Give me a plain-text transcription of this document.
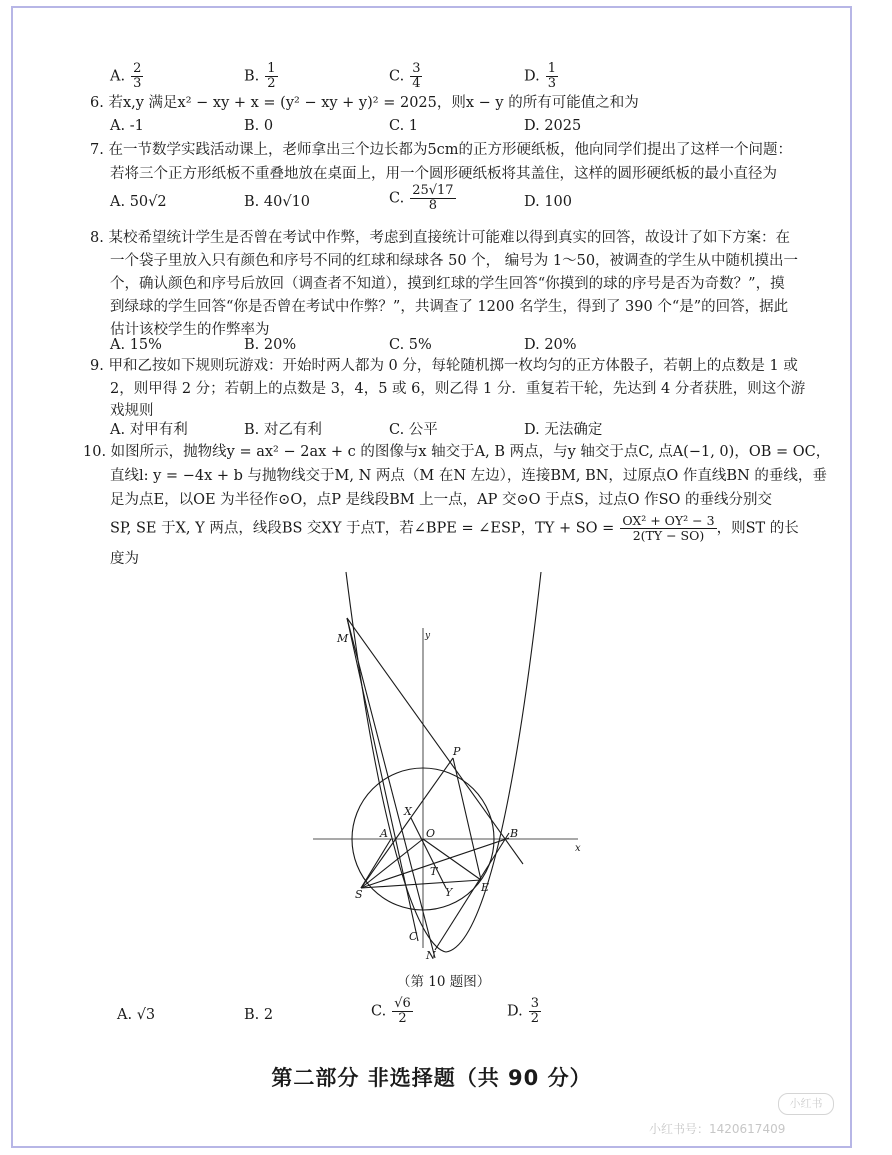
A. $\frac{2}{3}$	B. $\frac{1}{2}$	C. $\frac{3}{4}$	D. $\frac{1}{3}$
6. 若x,y 满足x² − xy + x = (y² − xy + y)² = 2025，则x − y 的所有可能值之和为
A. -1	B. 0	C. 1	D. 2025
7. 在一节数学实践活动课上，老师拿出三个边长都为5cm的正方形硬纸板，他向同学们提出了这样一个问题：
若将三个正方形纸板不重叠地放在桌面上，用一个圆形硬纸板将其盖住，这样的圆形硬纸板的最小直径为
A. 50√2	B. 40√10	C. $\frac{25√17}{8}$	D. 100
8. 某校希望统计学生是否曾在考试中作弊，考虑到直接统计可能难以得到真实的回答，故设计了如下方案：在
一个袋子里放入只有颜色和序号不同的红球和绿球各 50 个， 编号为 1～50，被调查的学生从中随机摸出一
个，确认颜色和序号后放回（调查者不知道），摸到红球的学生回答“你摸到的球的序号是否为奇数？”，摸
到绿球的学生回答“你是否曾在考试中作弊？”，共调查了 1200 名学生，得到了 390 个“是”的回答，据此
估计该校学生的作弊率为
A. 15%	B. 20%	C. 5%	D. 20%
9. 甲和乙按如下规则玩游戏：开始时两人都为 0 分，每轮随机掷一枚均匀的正方体骰子，若朝上的点数是 1 或
2，则甲得 2 分；若朝上的点数是 3，4，5 或 6，则乙得 1 分．重复若干轮，先达到 4 分者获胜，则这个游
戏规则
A. 对甲有利	B. 对乙有利	C. 公平	D. 无法确定
10. 如图所示，抛物线y = ax² − 2ax + c 的图像与x 轴交于A, B 两点，与y 轴交于点C, 点A(−1, 0)，OB = OC，
直线l: y = −4x + b 与抛物线交于M, N 两点（M 在N 左边），连接BM, BN，过原点O 作直线BN 的垂线，垂
足为点E，以OE 为半径作⊙O，点P 是线段BM 上一点，AP 交⊙O 于点S，过点O 作SO 的垂线分别交
SP, SE 于X, Y 两点，线段BS 交XY 于点T，若∠BPE = ∠ESP，TY + SO = $\frac{\text{OX² + OY² − 3}}{2(TY - SO)}$ ，则ST 的长
度为
M	y
P
X
A	O	B
x
T
S	Y	E
C
N
（第 10 题图）
A. √3	B. 2	C. $\frac{√6}{2}$	D. $\frac{3}{2}$
第二部分 非选择题（共 90 分）
小红书
小红书号：1420617409
